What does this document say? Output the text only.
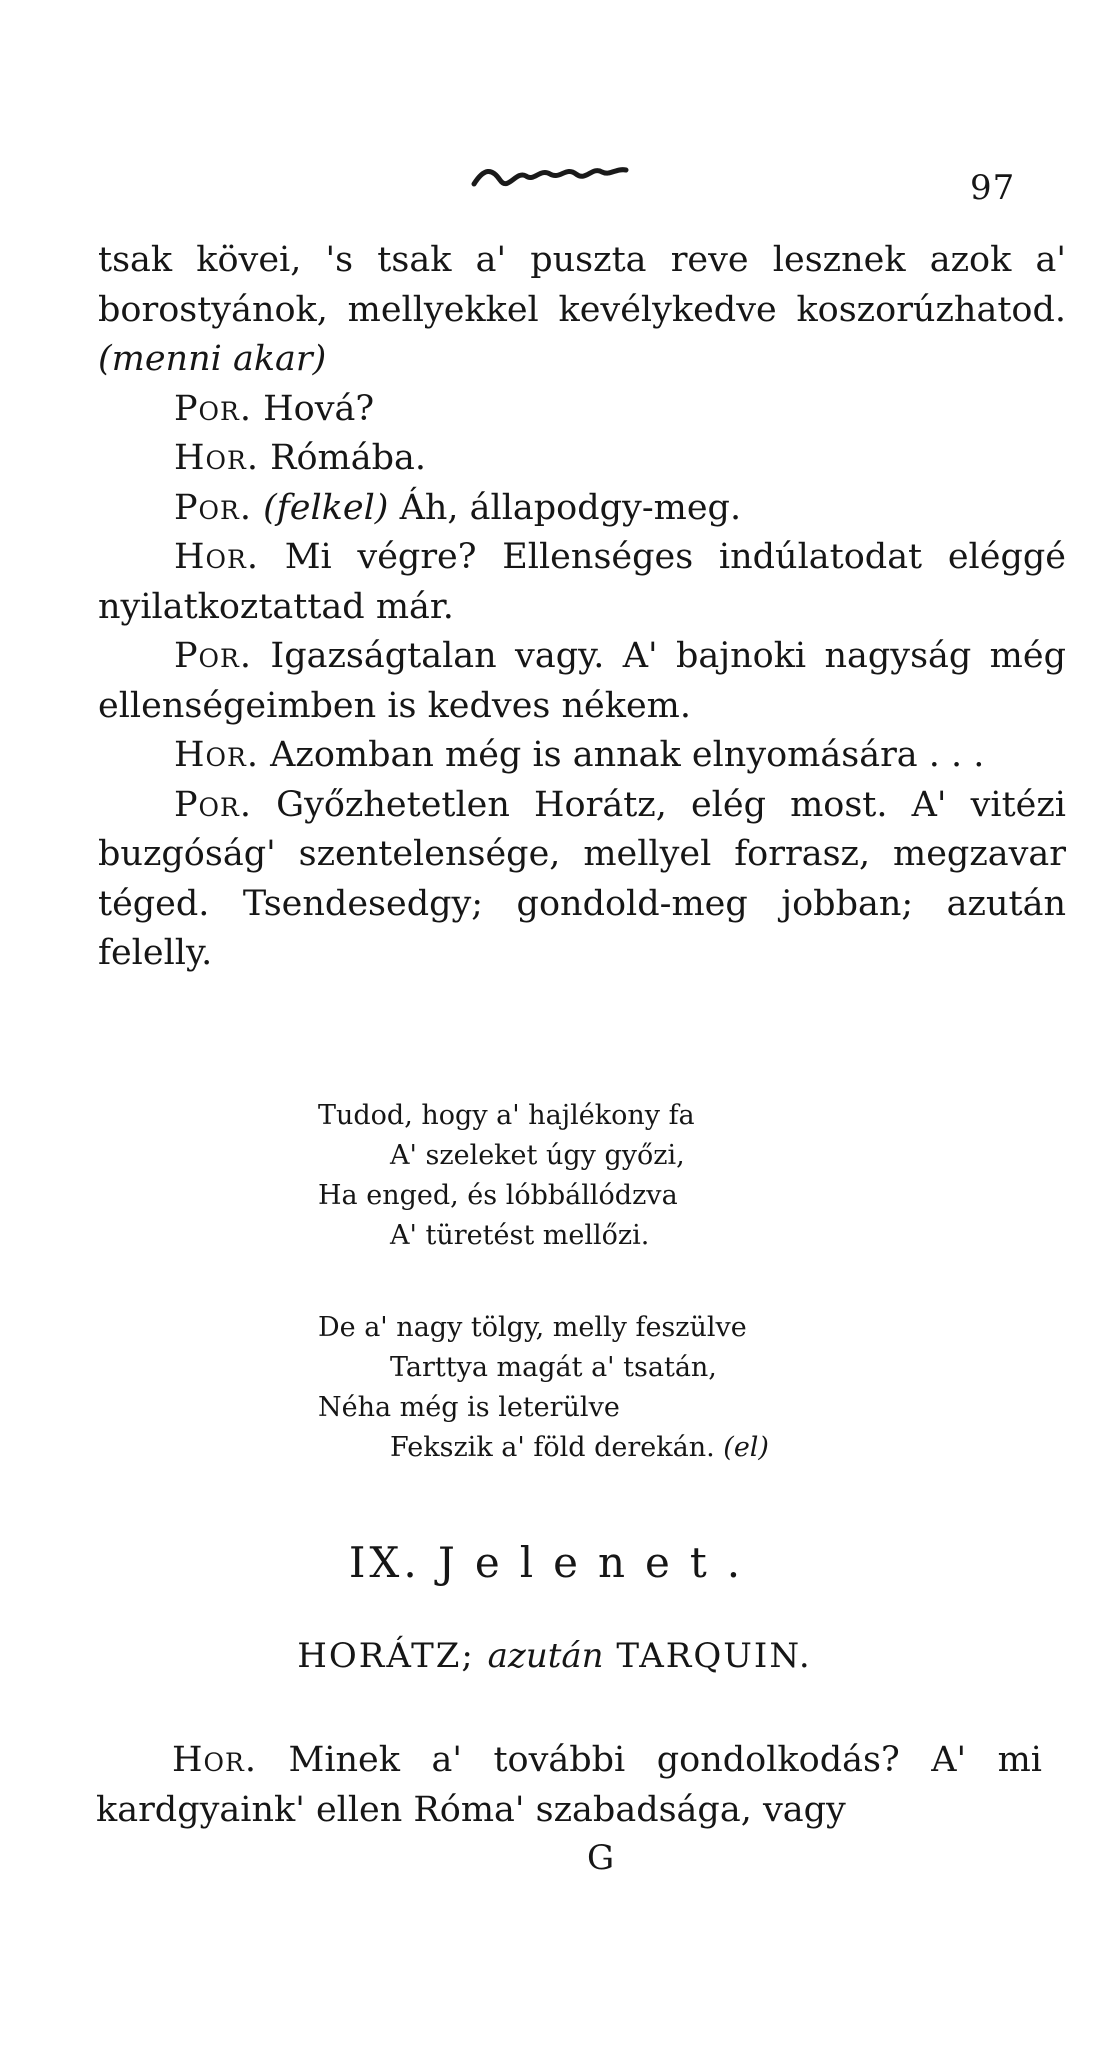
97

tsak kövei, 's tsak a' puszta reve lesznek azok a' borostyánok, mellyekkel kevélykedve koszorúzhatod. (menni akar)

Por. Hová?

Hor. Rómába.

Por. (felkel) Áh, állapodgy-meg.

Hor. Mi végre? Ellenséges indúlatodat eléggé nyilatkoztattad már.

Por. Igazságtalan vagy. A' bajnoki nagyság még ellenségeimben is kedves nékem.

Hor. Azomban még is annak elnyomására . . .

Por. Győzhetetlen Horátz, elég most. A' vitézi buzgóság' szentelensége, mellyel forrasz, megzavar téged. Tsendesedgy; gondold-meg jobban; azután felelly.

Tudod, hogy a' hajlékony fa
A' szeleket úgy győzi,
Ha enged, és lóbbállódzva
A' türetést mellőzi.
De a' nagy tölgy, melly feszülve
Tarttya magát a' tsatán,
Néha még is leterülve
Fekszik a' föld derekán. (el)
IX. Jelenet.
HORÁTZ; azután TARQUIN.

Hor. Minek a' további gondolkodás? A' mi kardgyaink' ellen Róma' szabadsága, vagy

G
